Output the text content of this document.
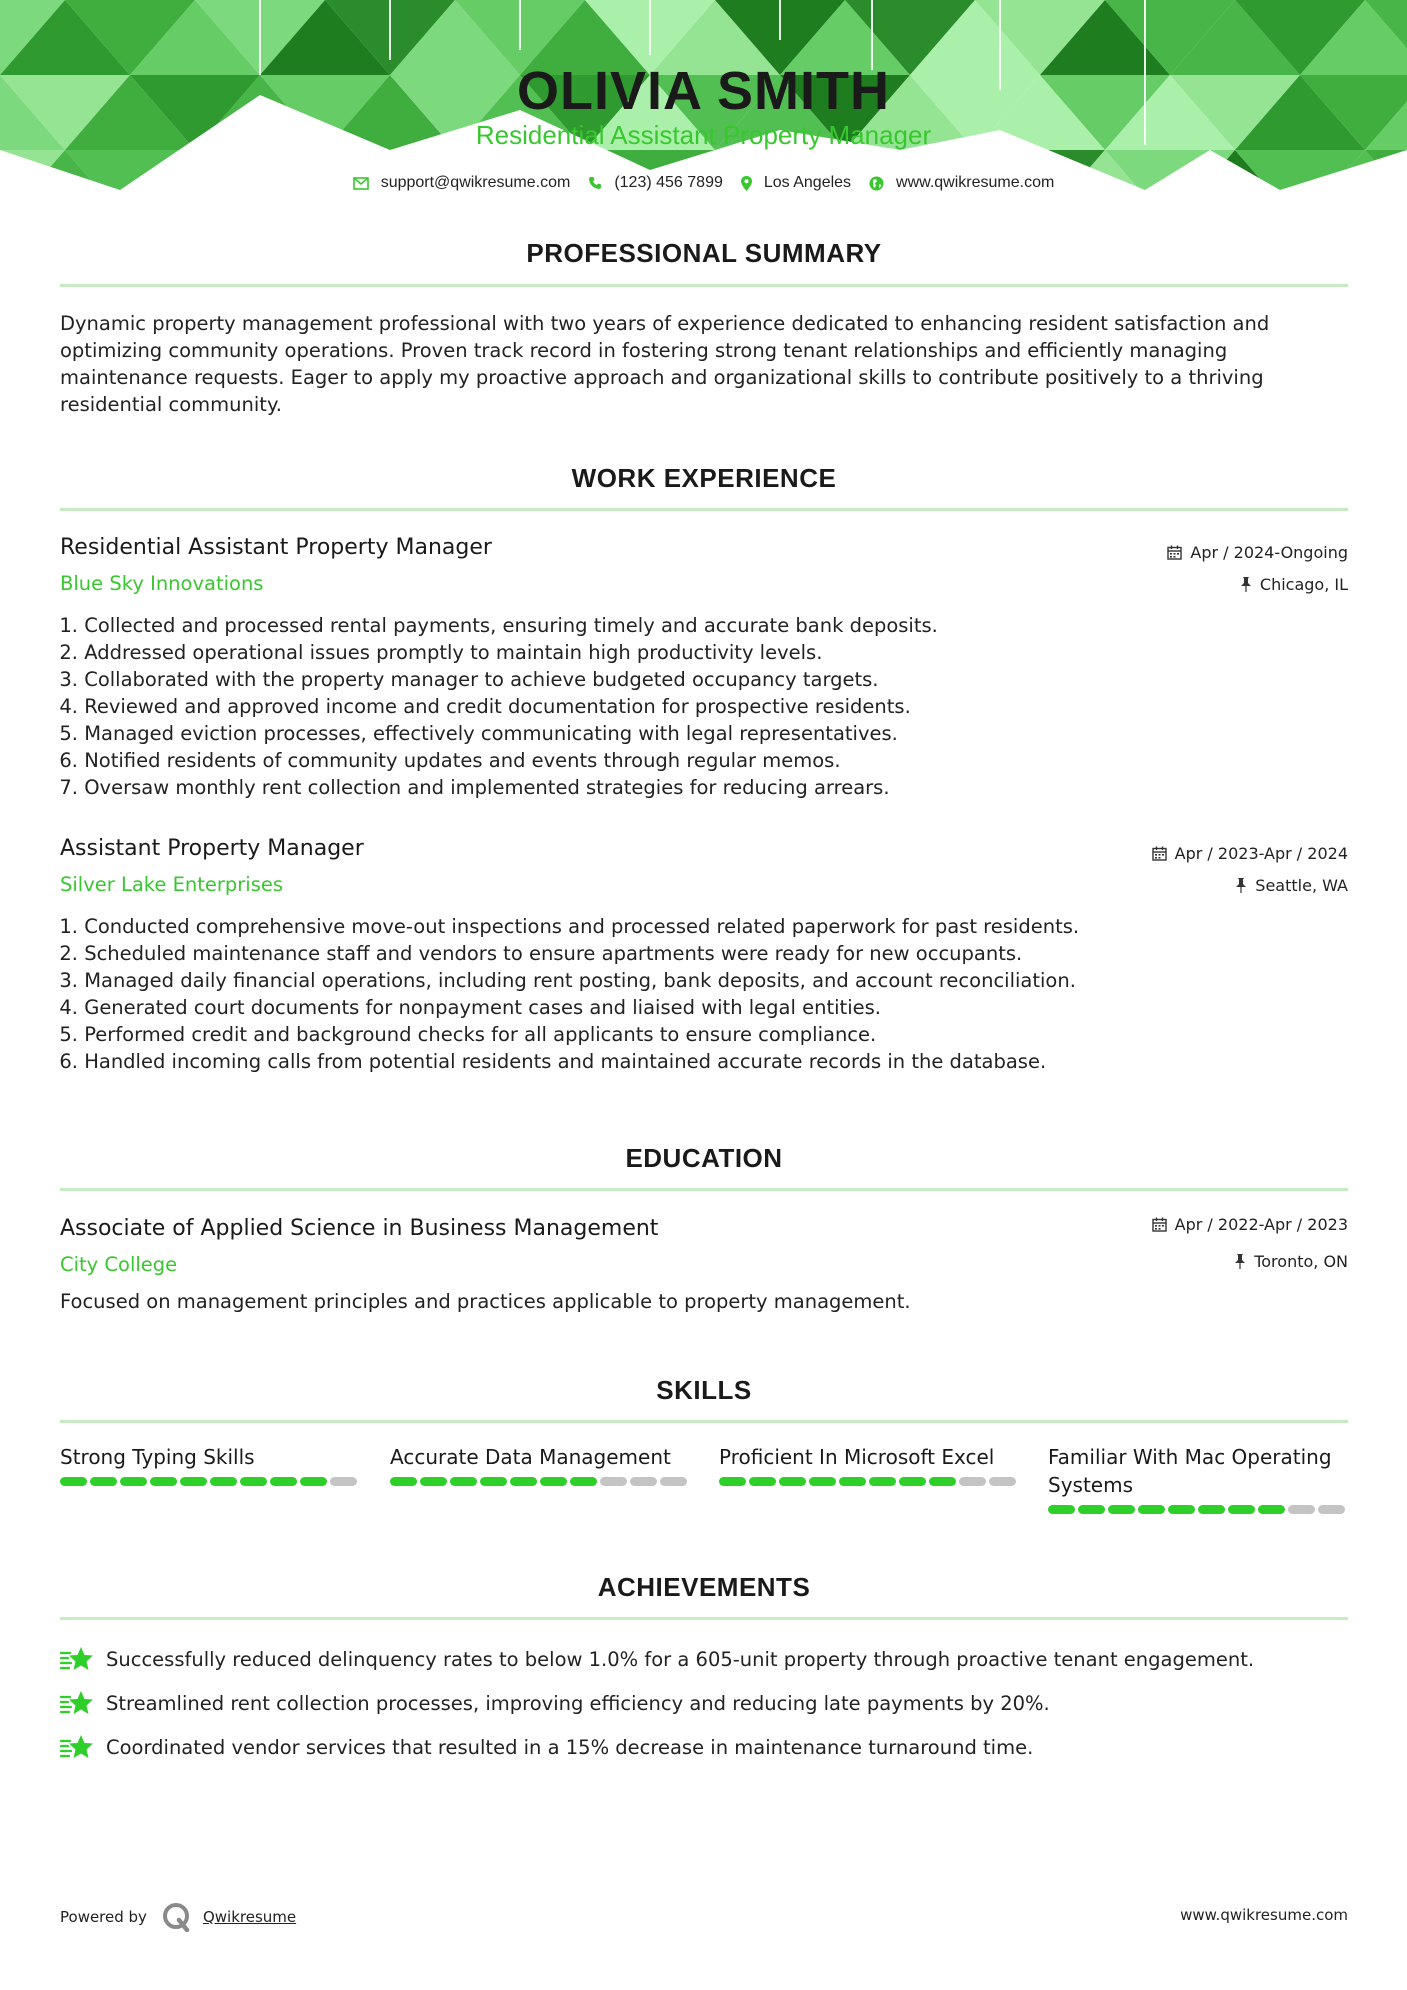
OLIVIA SMITH
Residential Assistant Property Manager
support@qwikresume.com	(123) 456 7899	Los Angeles	www.qwikresume.com
PROFESSIONAL SUMMARY
Dynamic property management professional with two years of experience dedicated to enhancing resident satisfaction and
optimizing community operations. Proven track record in fostering strong tenant relationships and efficiently managing
maintenance requests. Eager to apply my proactive approach and organizational skills to contribute positively to a thriving
residential community.
WORK EXPERIENCE
Residential Assistant Property Manager
Blue Sky Innovations
Apr / 2024-Ongoing
Chicago, IL
1. Collected and processed rental payments, ensuring timely and accurate bank deposits.
2. Addressed operational issues promptly to maintain high productivity levels.
3. Collaborated with the property manager to achieve budgeted occupancy targets.
4. Reviewed and approved income and credit documentation for prospective residents.
5. Managed eviction processes, effectively communicating with legal representatives.
6. Notified residents of community updates and events through regular memos.
7. Oversaw monthly rent collection and implemented strategies for reducing arrears.
Assistant Property Manager
Silver Lake Enterprises
Apr / 2023-Apr / 2024
Seattle, WA
1. Conducted comprehensive move-out inspections and processed related paperwork for past residents.
2. Scheduled maintenance staff and vendors to ensure apartments were ready for new occupants.
3. Managed daily financial operations, including rent posting, bank deposits, and account reconciliation.
4. Generated court documents for nonpayment cases and liaised with legal entities.
5. Performed credit and background checks for all applicants to ensure compliance.
6. Handled incoming calls from potential residents and maintained accurate records in the database.
EDUCATION
Associate of Applied Science in Business Management
City College
Apr / 2022-Apr / 2023
Toronto, ON
Focused on management principles and practices applicable to property management.
SKILLS
Strong Typing Skills	Accurate Data Management	Proficient In Microsoft Excel	Familiar With Mac Operating Systems
ACHIEVEMENTS
Successfully reduced delinquency rates to below 1.0% for a 605-unit property through proactive tenant engagement.
Streamlined rent collection processes, improving efficiency and reducing late payments by 20%.
Coordinated vendor services that resulted in a 15% decrease in maintenance turnaround time.
Powered by	Qwikresume	www.qwikresume.com
